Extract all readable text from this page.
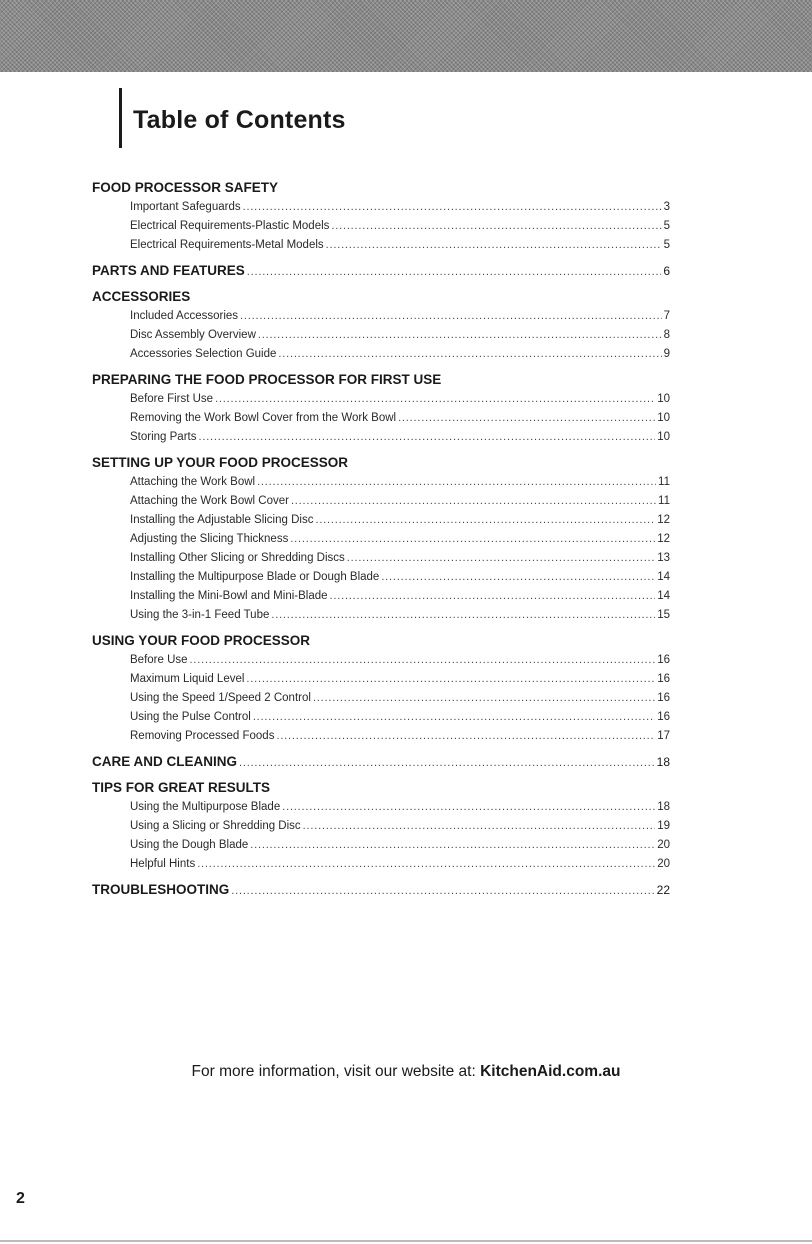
Table of Contents
FOOD PROCESSOR SAFETY
Important Safeguards .....	3
Electrical Requirements-Plastic Models .....	5
Electrical Requirements-Metal Models .....	5
PARTS AND FEATURES .....	6
ACCESSORIES
Included Accessories .....	7
Disc Assembly Overview .....	8
Accessories Selection Guide .....	9
PREPARING THE FOOD PROCESSOR FOR FIRST USE
Before First Use .....	10
Removing the Work Bowl Cover from the Work Bowl .....	10
Storing Parts .....	10
SETTING UP YOUR FOOD PROCESSOR
Attaching the Work Bowl .....	11
Attaching the Work Bowl Cover .....	11
Installing the Adjustable Slicing Disc .....	12
Adjusting the Slicing Thickness .....	12
Installing Other Slicing or Shredding Discs .....	13
Installing the Multipurpose Blade or Dough Blade .....	14
Installing the Mini-Bowl and Mini-Blade .....	14
Using the 3-in-1 Feed Tube .....	15
USING YOUR FOOD PROCESSOR
Before Use .....	16
Maximum Liquid Level .....	16
Using the Speed 1/Speed 2 Control .....	16
Using the Pulse Control .....	16
Removing Processed Foods .....	17
CARE AND CLEANING .....	18
TIPS FOR GREAT RESULTS
Using the Multipurpose Blade .....	18
Using a Slicing or Shredding Disc .....	19
Using the Dough Blade .....	20
Helpful Hints .....	20
TROUBLESHOOTING .....	22
For more information, visit our website at: KitchenAid.com.au
2
